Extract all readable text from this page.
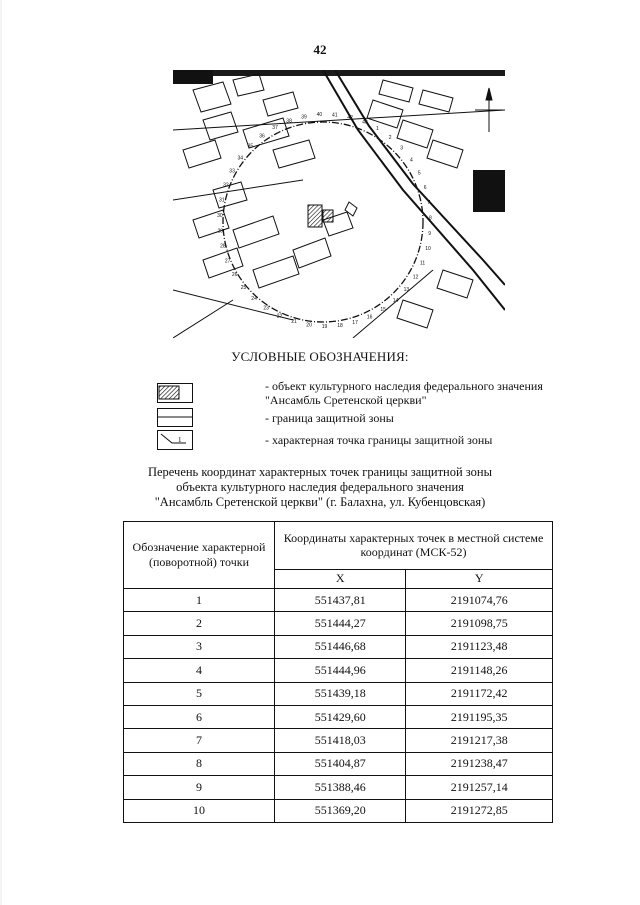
42
1
2
3
4
5
6
7
8
9
10
11
12
13
14
15
16
17
18
19
20
21
22
23
24
25
26
27
28
29
30
31
32
33
34
35
36
37
38
39 40 41 42
43
УСЛОВНЫЕ ОБОЗНАЧЕНИЯ:
- объект культурного наследия федерального значения "Ансамбль Сретенской церкви"
- граница защитной зоны
1	- характерная точка границы защитной зоны
Перечень координат характерных точек границы защитной зоны
объекта культурного наследия федерального значения
"Ансамбль Сретенской церкви" (г. Балахна, ул. Кубенцовская)
Обозначение характерной (поворотной) точки	Координаты характерных точек в местной системе координат (МСК-52)	
	X	Y
1	551437,81	2191074,76
2	551444,27	2191098,75
3	551446,68	2191123,48
4	551444,96	2191148,26
5	551439,18	2191172,42
6	551429,60	2191195,35
7	551418,03	2191217,38
8	551404,87	2191238,47
9	551388,46	2191257,14
10	551369,20	2191272,85
